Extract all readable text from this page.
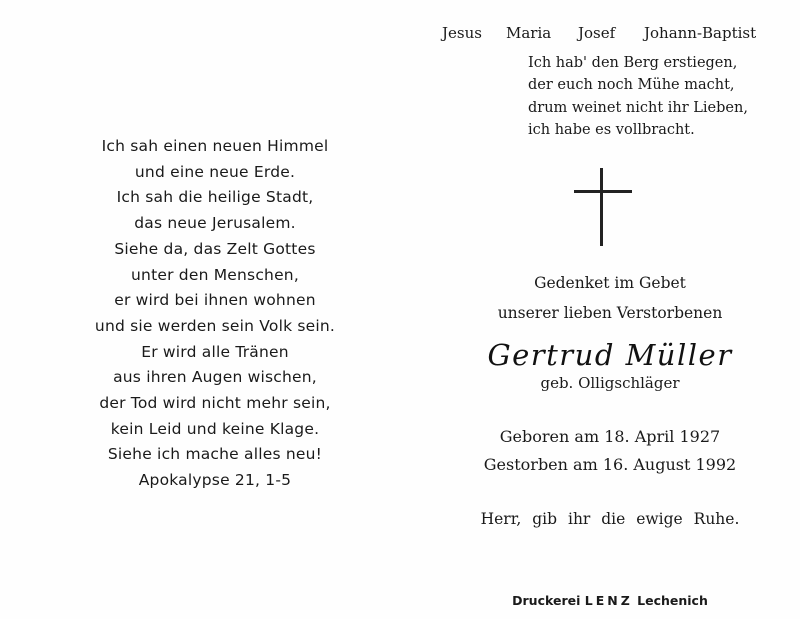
Ich sah einen neuen Himmel
und eine neue Erde.
Ich sah die heilige Stadt,
das neue Jerusalem.
Siehe da, das Zelt Gottes
unter den Menschen,
er wird bei ihnen wohnen
und sie werden sein Volk sein.
Er wird alle Tränen
aus ihren Augen wischen,
der Tod wird nicht mehr sein,
kein Leid und keine Klage.
Siehe ich mache alles neu!
Apokalypse 21, 1-5
Jesus Maria Josef Johann-Baptist
Ich hab' den Berg erstiegen,
der euch noch Mühe macht,
drum weinet nicht ihr Lieben,
ich habe es vollbracht.
Gedenket im Gebet
unserer lieben Verstorbenen
Gertrud Müller
geb. Olligschläger
Geboren am 18. April 1927
Gestorben am 16. August 1992
Herr, gib ihr die ewige Ruhe.
Druckerei LENZ Lechenich
